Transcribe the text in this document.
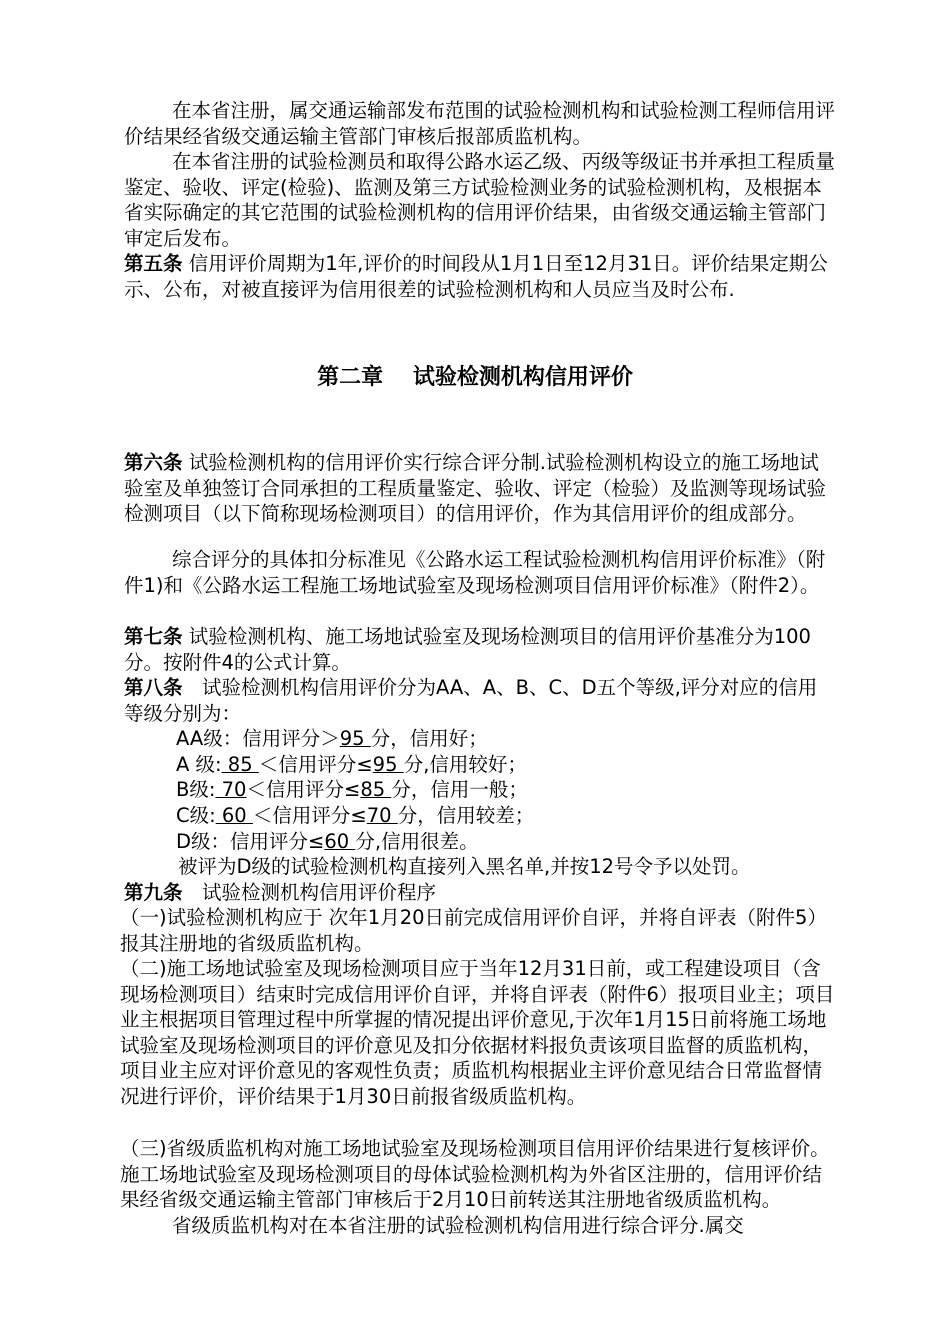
在本省注册，属交通运输部发布范围的试验检测机构和试验检测工程师信用评价结果经省级交通运输主管部门审核后报部质监机构。
在本省注册的试验检测员和取得公路水运乙级、丙级等级证书并承担工程质量鉴定、验收、评定(检验)、监测及第三方试验检测业务的试验检测机构，及根据本省实际确定的其它范围的试验检测机构的信用评价结果，由省级交通运输主管部门审定后发布。
第五条 信用评价周期为1年,评价的时间段从1月1日至12月31日。评价结果定期公示、公布，对被直接评为信用很差的试验检测机构和人员应当及时公布.
第二章　 试验检测机构信用评价
第六条 试验检测机构的信用评价实行综合评分制.试验检测机构设立的施工场地试验室及单独签订合同承担的工程质量鉴定、验收、评定（检验）及监测等现场试验检测项目（以下简称现场检测项目）的信用评价，作为其信用评价的组成部分。
综合评分的具体扣分标准见《公路水运工程试验检测机构信用评价标准》（附件1)和《公路水运工程施工场地试验室及现场检测项目信用评价标准》（附件2）。
第七条 试验检测机构、施工场地试验室及现场检测项目的信用评价基准分为100分。按附件4的公式计算。
第八条　试验检测机构信用评价分为AA、A、B、C、D五个等级,评分对应的信用等级分别为：
AA级：信用评分＞95 分，信用好；
A 级: 85 ＜信用评分≤95 分,信用较好；
B级: 70＜信用评分≤85 分，信用一般；
C级: 60 ＜信用评分≤70 分，信用较差；
D级：信用评分≤60 分,信用很差。
被评为D级的试验检测机构直接列入黑名单,并按12号令予以处罚。
第九条　试验检测机构信用评价程序
（一)试验检测机构应于 次年1月20日前完成信用评价自评，并将自评表（附件5）报其注册地的省级质监机构。
（二)施工场地试验室及现场检测项目应于当年12月31日前，或工程建设项目（含现场检测项目）结束时完成信用评价自评，并将自评表（附件6）报项目业主；项目业主根据项目管理过程中所掌握的情况提出评价意见,于次年1月15日前将施工场地试验室及现场检测项目的评价意见及扣分依据材料报负责该项目监督的质监机构，项目业主应对评价意见的客观性负责；质监机构根据业主评价意见结合日常监督情况进行评价，评价结果于1月30日前报省级质监机构。
（三)省级质监机构对施工场地试验室及现场检测项目信用评价结果进行复核评价。施工场地试验室及现场检测项目的母体试验检测机构为外省区注册的，信用评价结果经省级交通运输主管部门审核后于2月10日前转送其注册地省级质监机构。
省级质监机构对在本省注册的试验检测机构信用进行综合评分.属交
